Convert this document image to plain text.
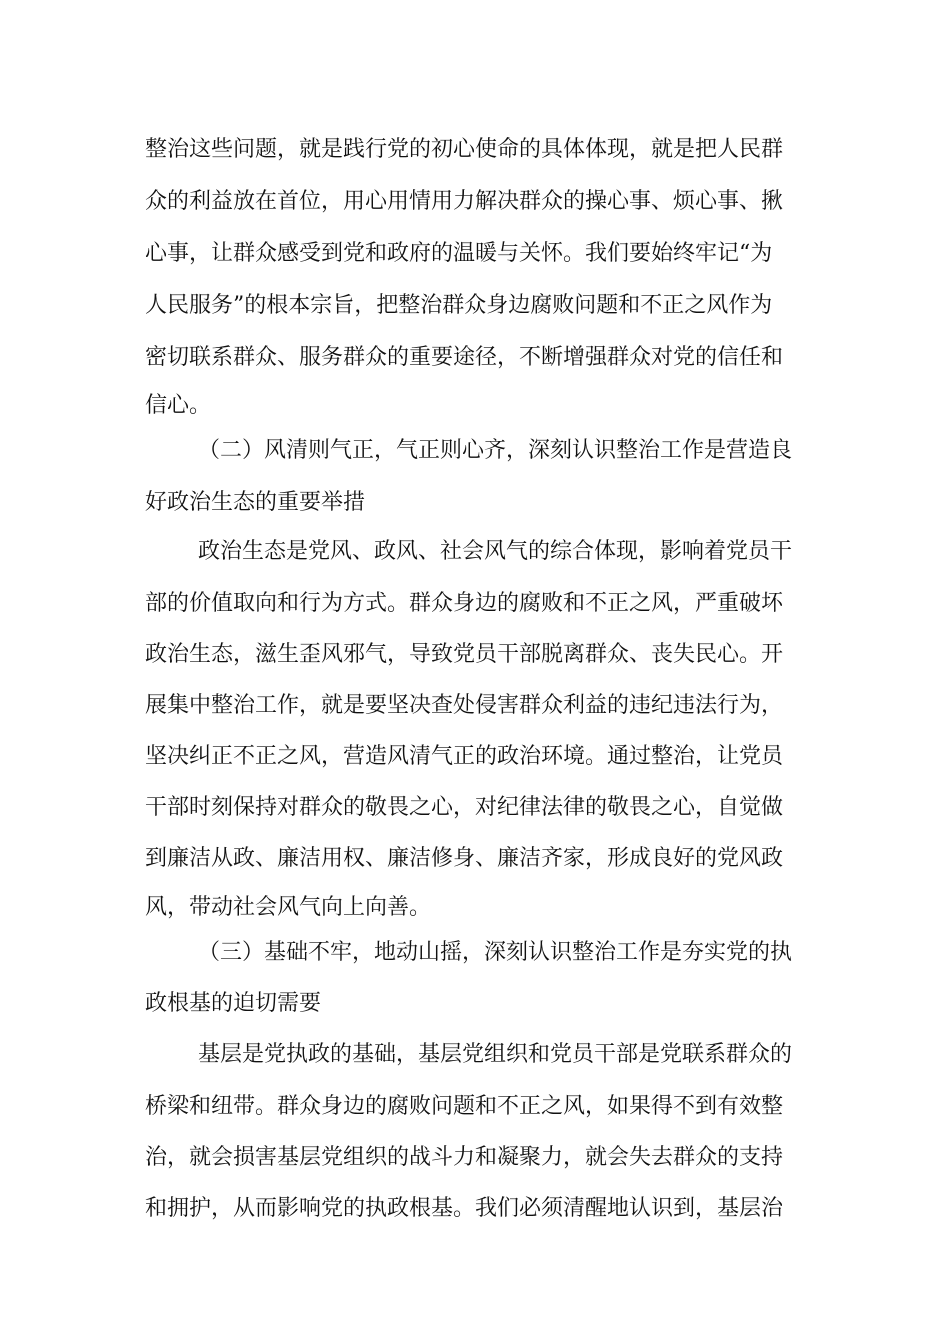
整治这些问题，就是践行党的初心使命的具体体现，就是把人民群

众的利益放在首位，用心用情用力解决群众的操心事、烦心事、揪

心事，让群众感受到党和政府的温暖与关怀。我们要始终牢记“为

人民服务”的根本宗旨，把整治群众身边腐败问题和不正之风作为

密切联系群众、服务群众的重要途径，不断增强群众对党的信任和

信心。

（二）风清则气正，气正则心齐，深刻认识整治工作是营造良

好政治生态的重要举措

政治生态是党风、政风、社会风气的综合体现，影响着党员干

部的价值取向和行为方式。群众身边的腐败和不正之风，严重破坏

政治生态，滋生歪风邪气，导致党员干部脱离群众、丧失民心。开

展集中整治工作，就是要坚决查处侵害群众利益的违纪违法行为，

坚决纠正不正之风，营造风清气正的政治环境。通过整治，让党员

干部时刻保持对群众的敬畏之心，对纪律法律的敬畏之心，自觉做

到廉洁从政、廉洁用权、廉洁修身、廉洁齐家，形成良好的党风政

风，带动社会风气向上向善。

（三）基础不牢，地动山摇，深刻认识整治工作是夯实党的执

政根基的迫切需要

基层是党执政的基础，基层党组织和党员干部是党联系群众的

桥梁和纽带。群众身边的腐败问题和不正之风，如果得不到有效整

治，就会损害基层党组织的战斗力和凝聚力，就会失去群众的支持

和拥护，从而影响党的执政根基。我们必须清醒地认识到，基层治
